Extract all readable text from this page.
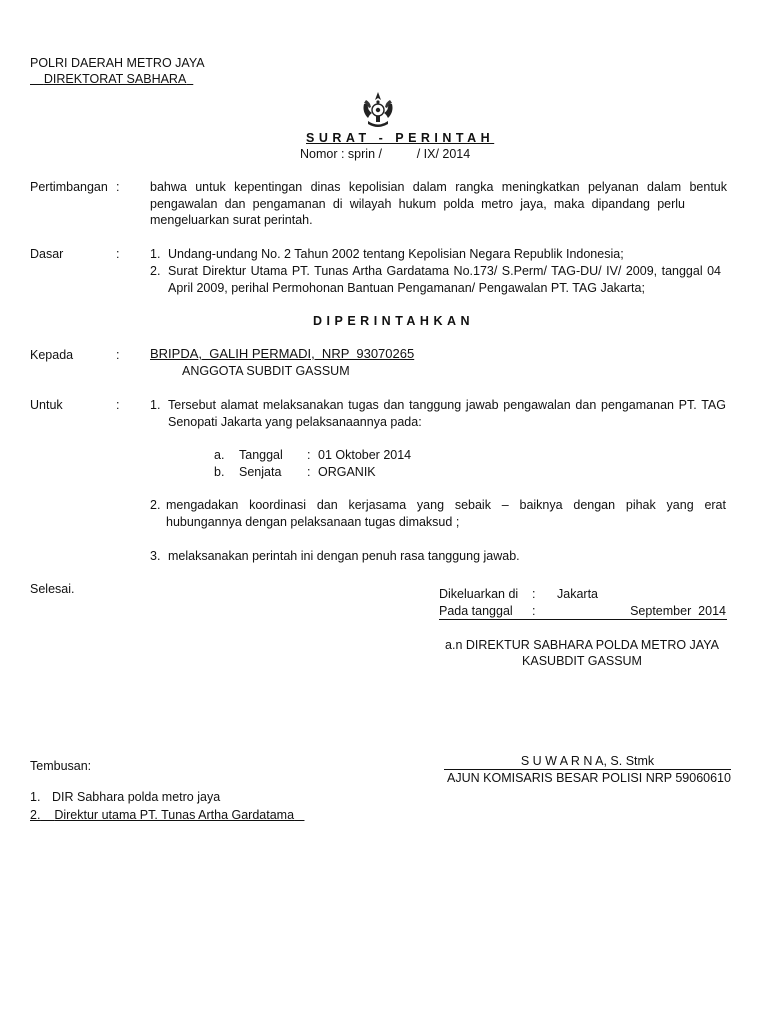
POLRI DAERAH METRO JAYA
DIREKTORAT SABHARA
SURAT - PERINTAH
Nomor : sprin /          / IX/ 2014
Pertimbangan : bahwa untuk kepentingan dinas kepolisian dalam rangka meningkatkan pelyanan dalam bentuk
pengawalan dan pengamanan di wilayah hukum polda metro jaya, maka dipandang perlu
mengeluarkan surat perintah.
Dasar	: 1. Undang-undang No. 2 Tahun 2002 tentang Kepolisian Negara Republik Indonesia;
2. Surat Direktur Utama PT. Tunas Artha Gardatama No.173/ S.Perm/ TAG-DU/ IV/ 2009, tanggal 04
April 2009, perihal Permohonan Bantuan Pengamanan/ Pengawalan PT. TAG Jakarta;
DIPERINTAHKAN
Kepada	: BRIPDA,  GALIH PERMADI,  NRP  93070265
ANGGOTA SUBDIT GASSUM
Untuk	: 1. Tersebut alamat melaksanakan tugas dan tanggung jawab pengawalan dan pengamanan PT. TAG
Senopati Jakarta yang pelaksanaannya pada:
a. Tanggal : 01 Oktober 2014
b. Senjata : ORGANIK
2. mengadakan koordinasi dan kerjasama yang sebaik – baiknya dengan pihak yang erat
hubungannya dengan pelaksanaan tugas dimaksud ;
3. melaksanakan perintah ini dengan penuh rasa tanggung jawab.
Selesai.	Dikeluarkan di : Jakarta
Pada tanggal :	September  2014
a.n DIREKTUR SABHARA POLDA METRO JAYA
KASUBDIT GASSUM
S U W A R N A, S. Stmk
AJUN KOMISARIS BESAR POLISI NRP 59060610
Tembusan:
1. DIR Sabhara polda metro jaya
2. Direktur utama PT. Tunas Artha Gardatama
